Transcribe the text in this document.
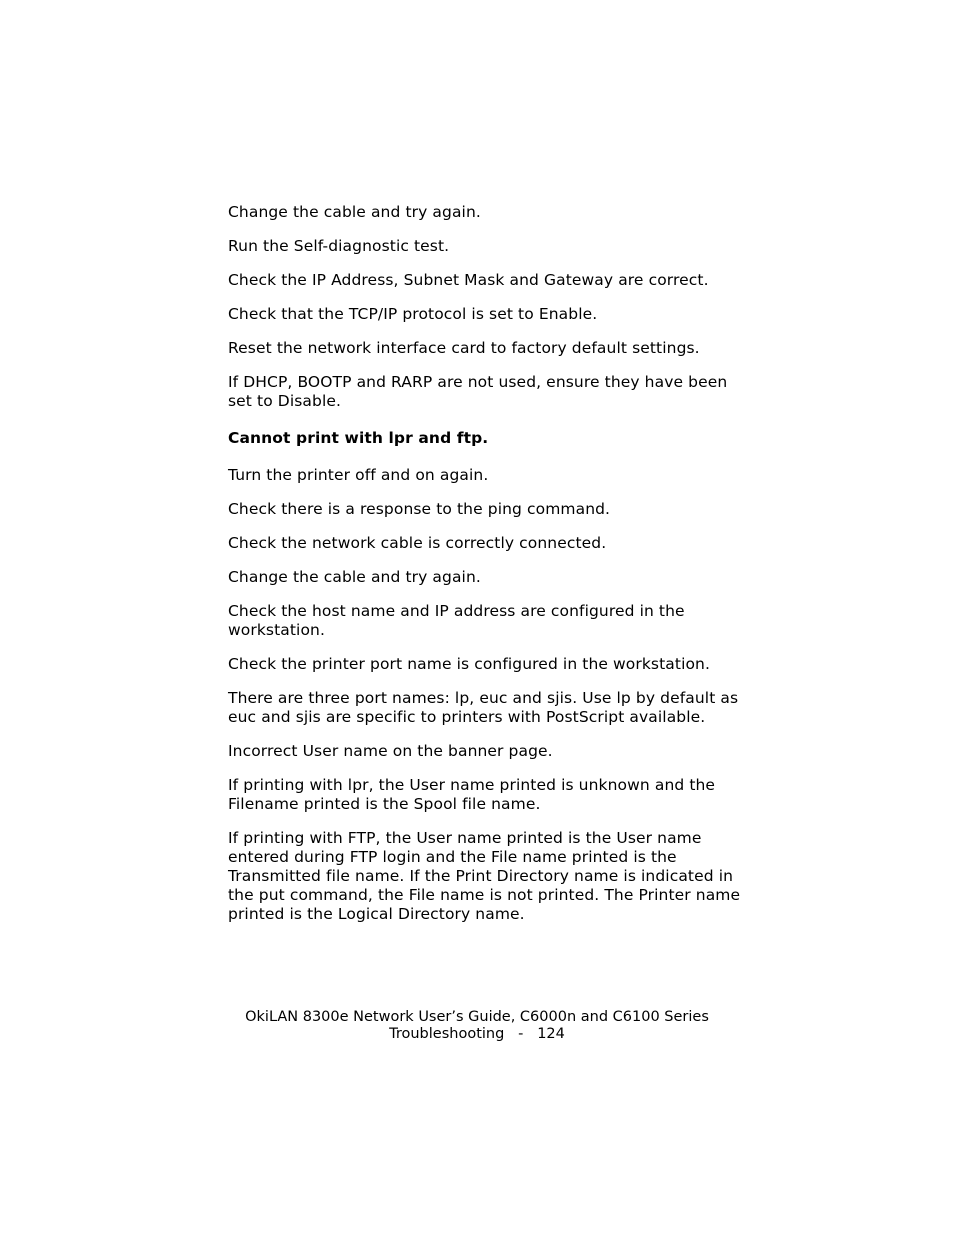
Change the cable and try again.

Run the Self-diagnostic test.

Check the IP Address, Subnet Mask and Gateway are correct.

Check that the TCP/IP protocol is set to Enable.

Reset the network interface card to factory default settings.

If DHCP, BOOTP and RARP are not used, ensure they have been set to Disable.

Cannot print with lpr and ftp.

Turn the printer off and on again.

Check there is a response to the ping command.

Check the network cable is correctly connected.

Change the cable and try again.

Check the host name and IP address are configured in the workstation.

Check the printer port name is configured in the workstation.

There are three port names: lp, euc and sjis. Use lp by default as euc and sjis are specific to printers with PostScript available.

Incorrect User name on the banner page.

If printing with lpr, the User name printed is unknown and the Filename printed is the Spool file name.

If printing with FTP, the User name printed is the User name entered during FTP login and the File name printed is the Transmitted file name. If the Print Directory name is indicated in the put command, the File name is not printed. The Printer name printed is the Logical Directory name.

OkiLAN 8300e Network User’s Guide, C6000n and C6100 Series
Troubleshooting   -   124
